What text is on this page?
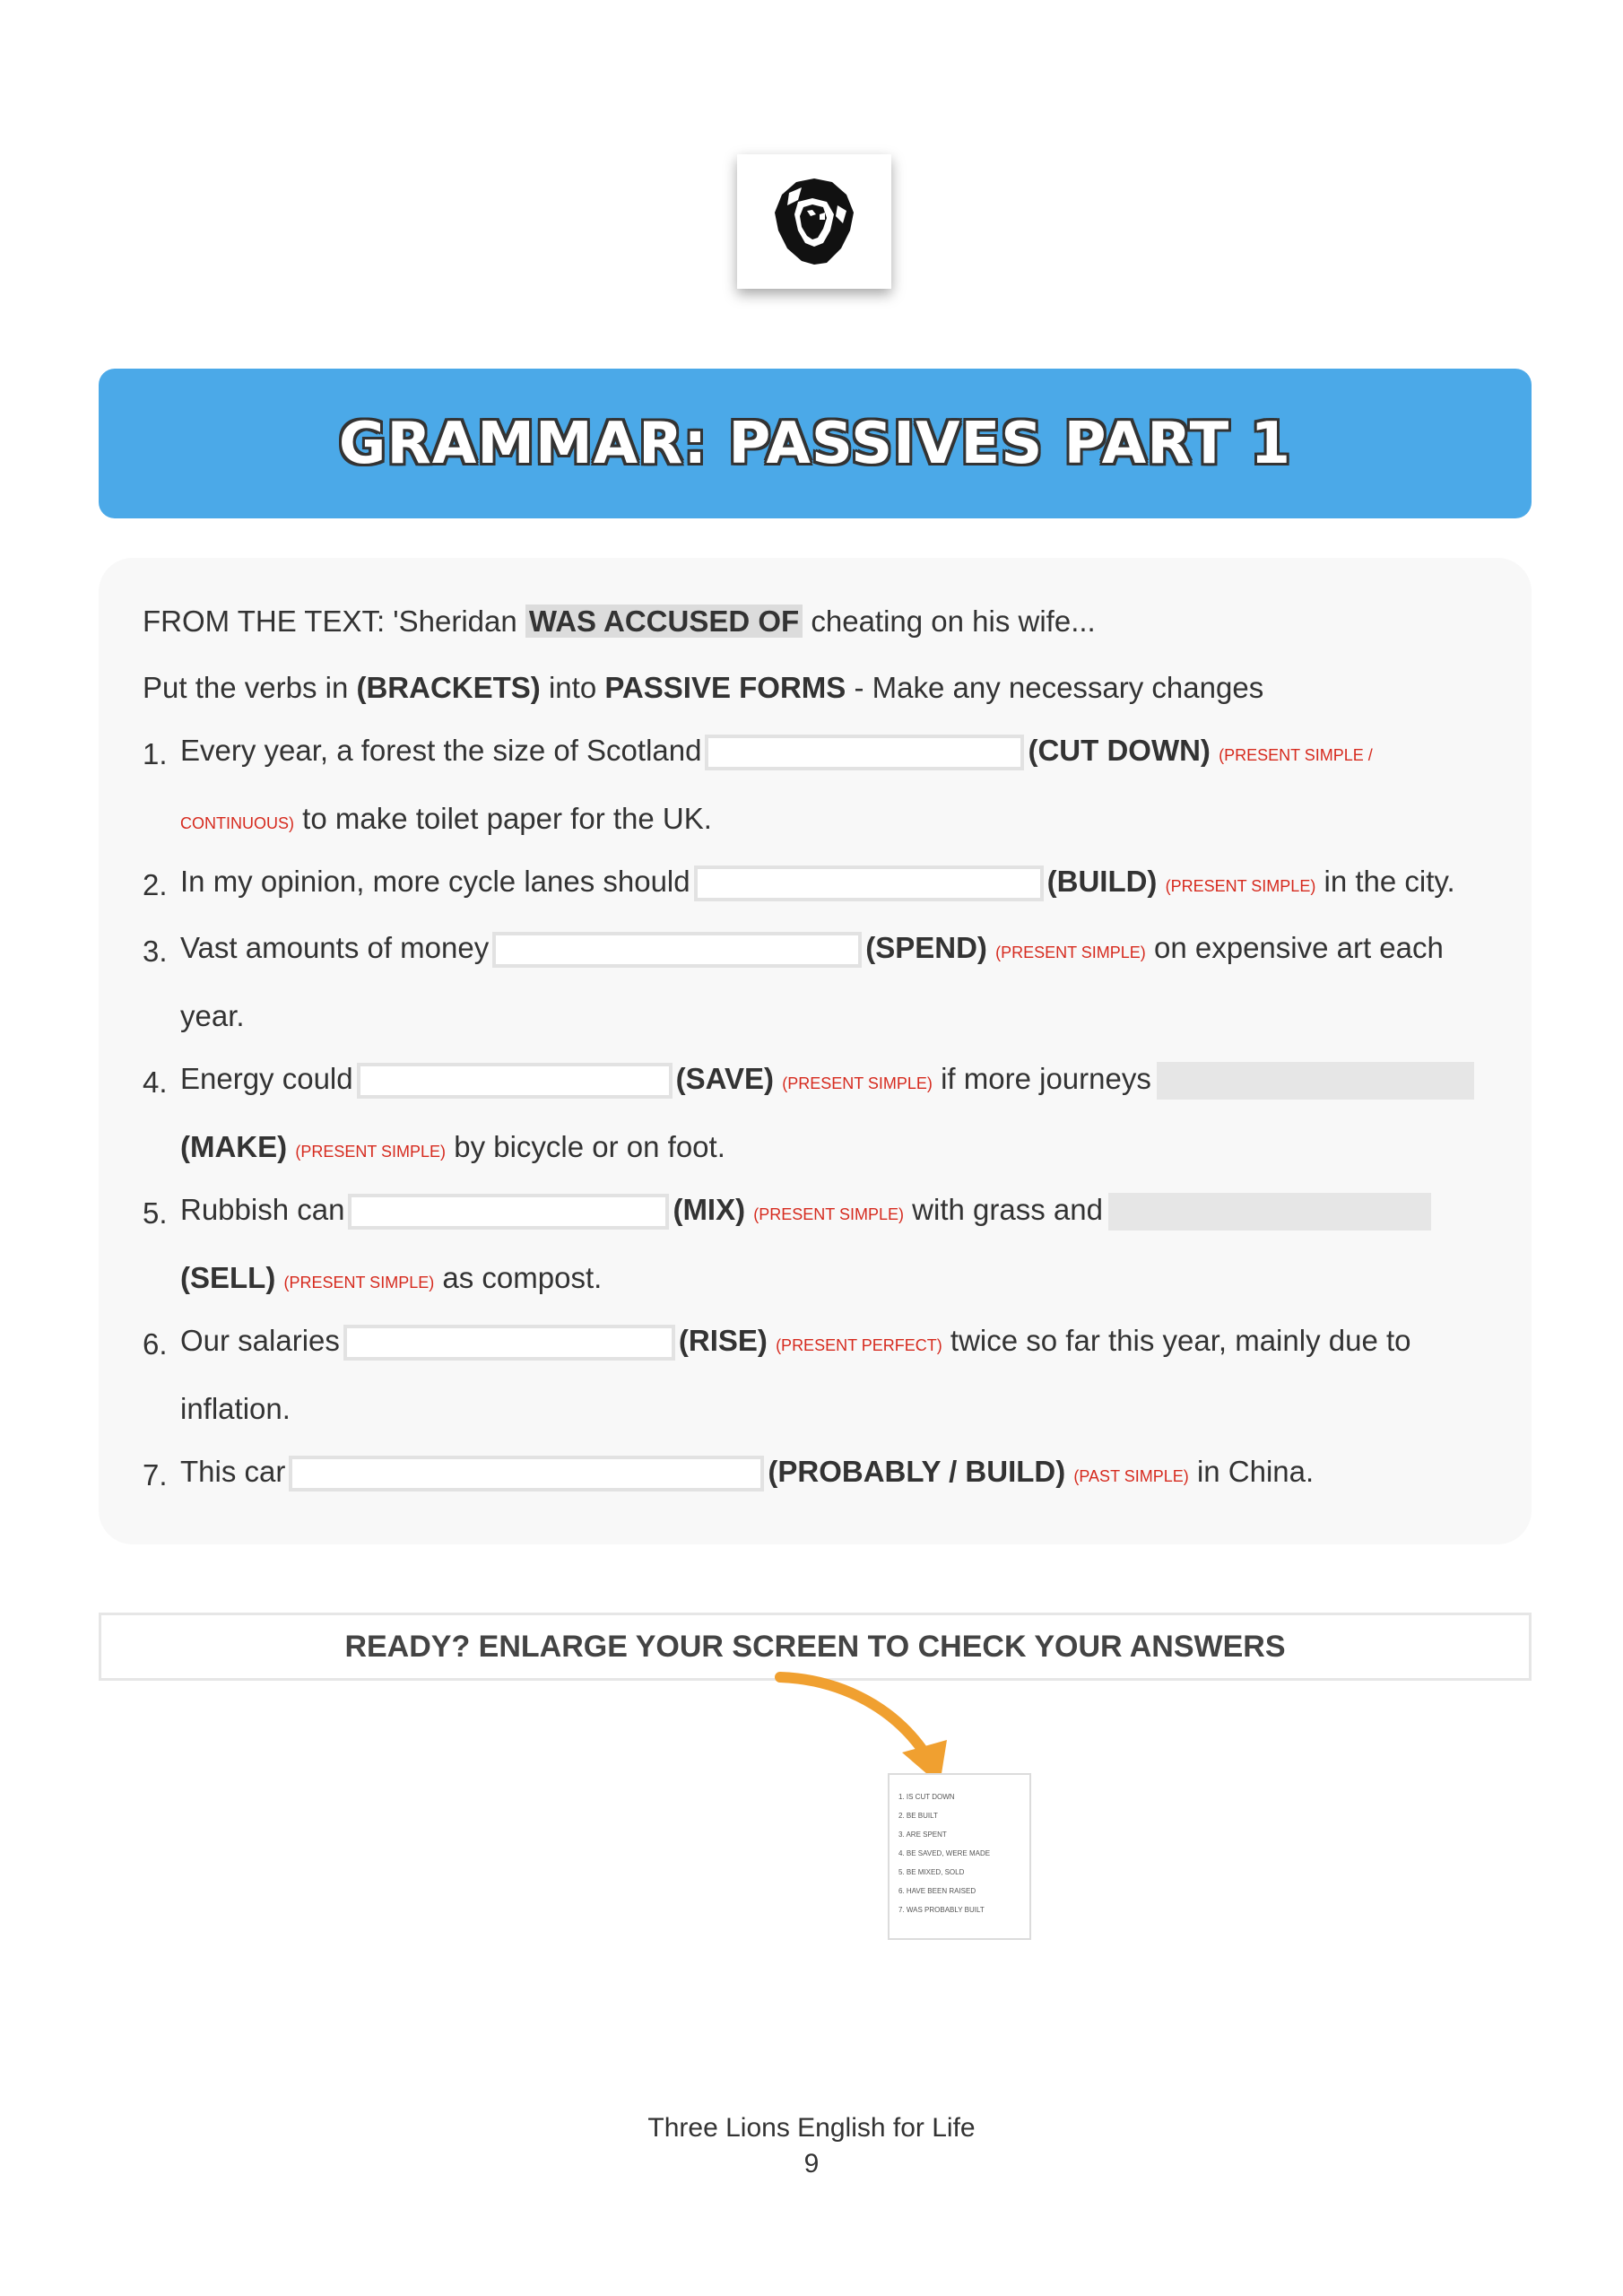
GRAMMAR: PASSIVES PART 1
FROM THE TEXT: 'Sheridan WAS ACCUSED OF cheating on his wife...
Put the verbs in (BRACKETS) into PASSIVE FORMS - Make any necessary changes
1. Every year, a forest the size of Scotland	(CUT DOWN) (PRESENT SIMPLE /
CONTINUOUS) to make toilet paper for the UK.
2. In my opinion, more cycle lanes should	(BUILD) (PRESENT SIMPLE) in the city.
3. Vast amounts of money	(SPEND) (PRESENT SIMPLE) on expensive art each
year.
4. Energy could	(SAVE) (PRESENT SIMPLE) if more journeys
(MAKE) (PRESENT SIMPLE) by bicycle or on foot.
5. Rubbish can	(MIX) (PRESENT SIMPLE) with grass and
(SELL) (PRESENT SIMPLE) as compost.
6. Our salaries	(RISE) (PRESENT PERFECT) twice so far this year, mainly due to
inflation.
7. This car	(PROBABLY / BUILD) (PAST SIMPLE) in China.
READY? ENLARGE YOUR SCREEN TO CHECK YOUR ANSWERS
1. IS CUT DOWN
2. BE BUILT
3. ARE SPENT
4. BE SAVED, WERE MADE
5. BE MIXED, SOLD
6. HAVE BEEN RAISED
7. WAS PROBABLY BUILT
Three Lions English for Life
9
